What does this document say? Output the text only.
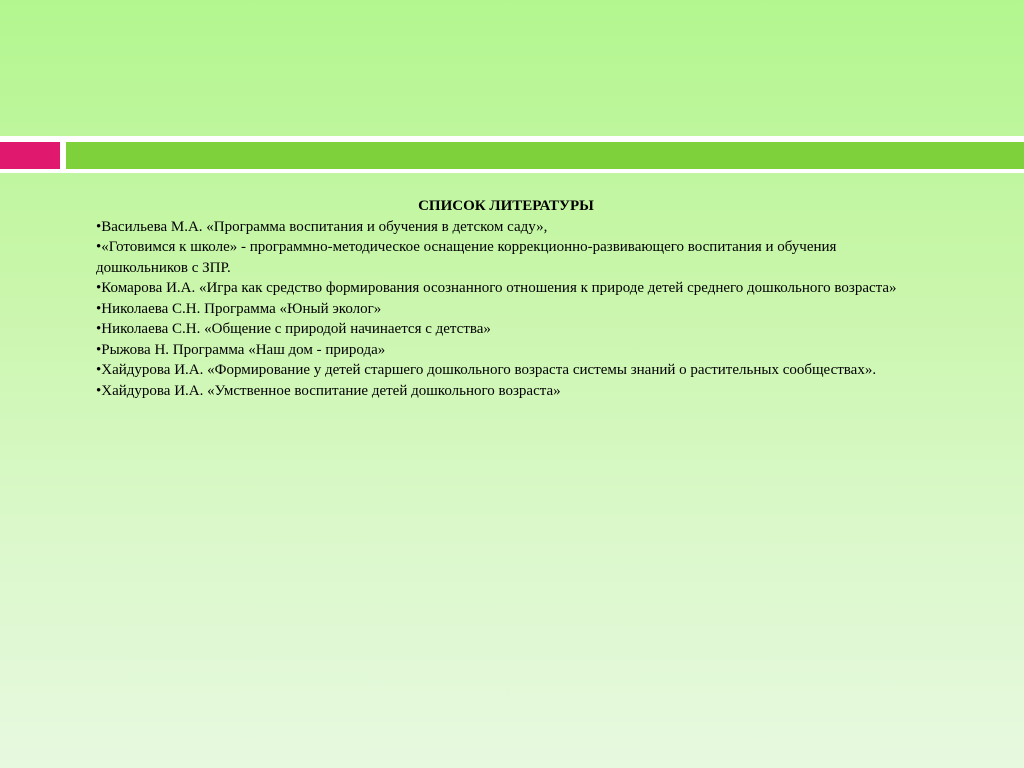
СПИСОК ЛИТЕРАТУРЫ
•Васильева М.А. «Программа воспитания и обучения в детском саду»,
•«Готовимся к школе» - программно-методическое оснащение коррекционно-развивающего воспитания и обучения дошкольников с ЗПР.
•Комарова И.А. «Игра как средство формирования осознанного отношения к природе детей среднего дошкольного возраста»
•Николаева С.Н. Программа «Юный эколог»
•Николаева С.Н. «Общение с природой начинается с детства»
•Рыжова Н. Программа «Наш дом - природа»
•Хайдурова И.А. «Формирование у детей старшего дошкольного возраста системы знаний о растительных сообществах».
•Хайдурова И.А. «Умственное воспитание детей дошкольного возраста»
